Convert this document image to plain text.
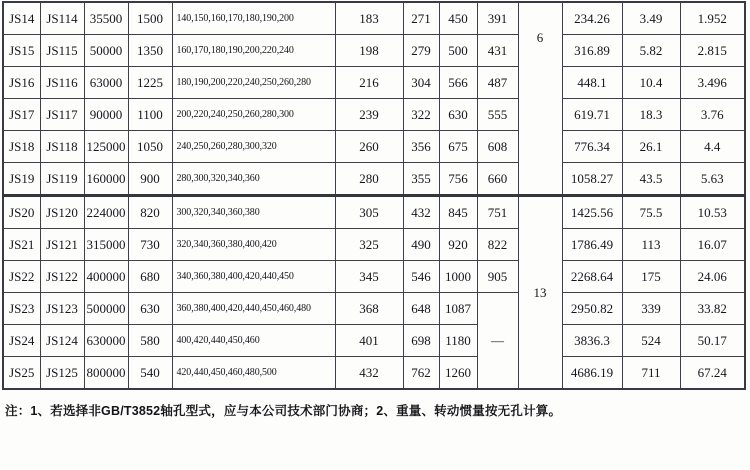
JS14	JS114	35500	1500	140,150,160,170,180,190,200	183	271	450	391	6	234.26	3.49	1.952
JS15	JS115	50000	1350	160,170,180,190,200,220,240	198	279	500	431		316.89	5.82	2.815
JS16	JS116	63000	1225	180,190,200,220,240,250,260,280	216	304	566	487		448.1	10.4	3.496
JS17	JS117	90000	1100	200,220,240,250,260,280,300	239	322	630	555		619.71	18.3	3.76
JS18	JS118	125000	1050	240,250,260,280,300,320	260	356	675	608		776.34	26.1	4.4
JS19	JS119	160000	900	280,300,320,340,360	280	355	756	660		1058.27	43.5	5.63
JS20	JS120	224000	820	300,320,340,360,380	305	432	845	751	13	1425.56	75.5	10.53
JS21	JS121	315000	730	320,340,360,380,400,420	325	490	920	822		1786.49	113	16.07
JS22	JS122	400000	680	340,360,380,400,420,440,450	345	546	1000	905		2268.64	175	24.06
JS23	JS123	500000	630	360,380,400,420,440,450,460,480	368	648	1087	—		2950.82	339	33.82
JS24	JS124	630000	580	400,420,440,450,460	401	698	1180			3836.3	524	50.17
JS25	JS125	800000	540	420,440,450,460,480,500	432	762	1260			4686.19	711	67.24
注：1、若选择非GB/T3852轴孔型式，应与本公司技术部门协商；2、重量、转动惯量按无孔计算。
